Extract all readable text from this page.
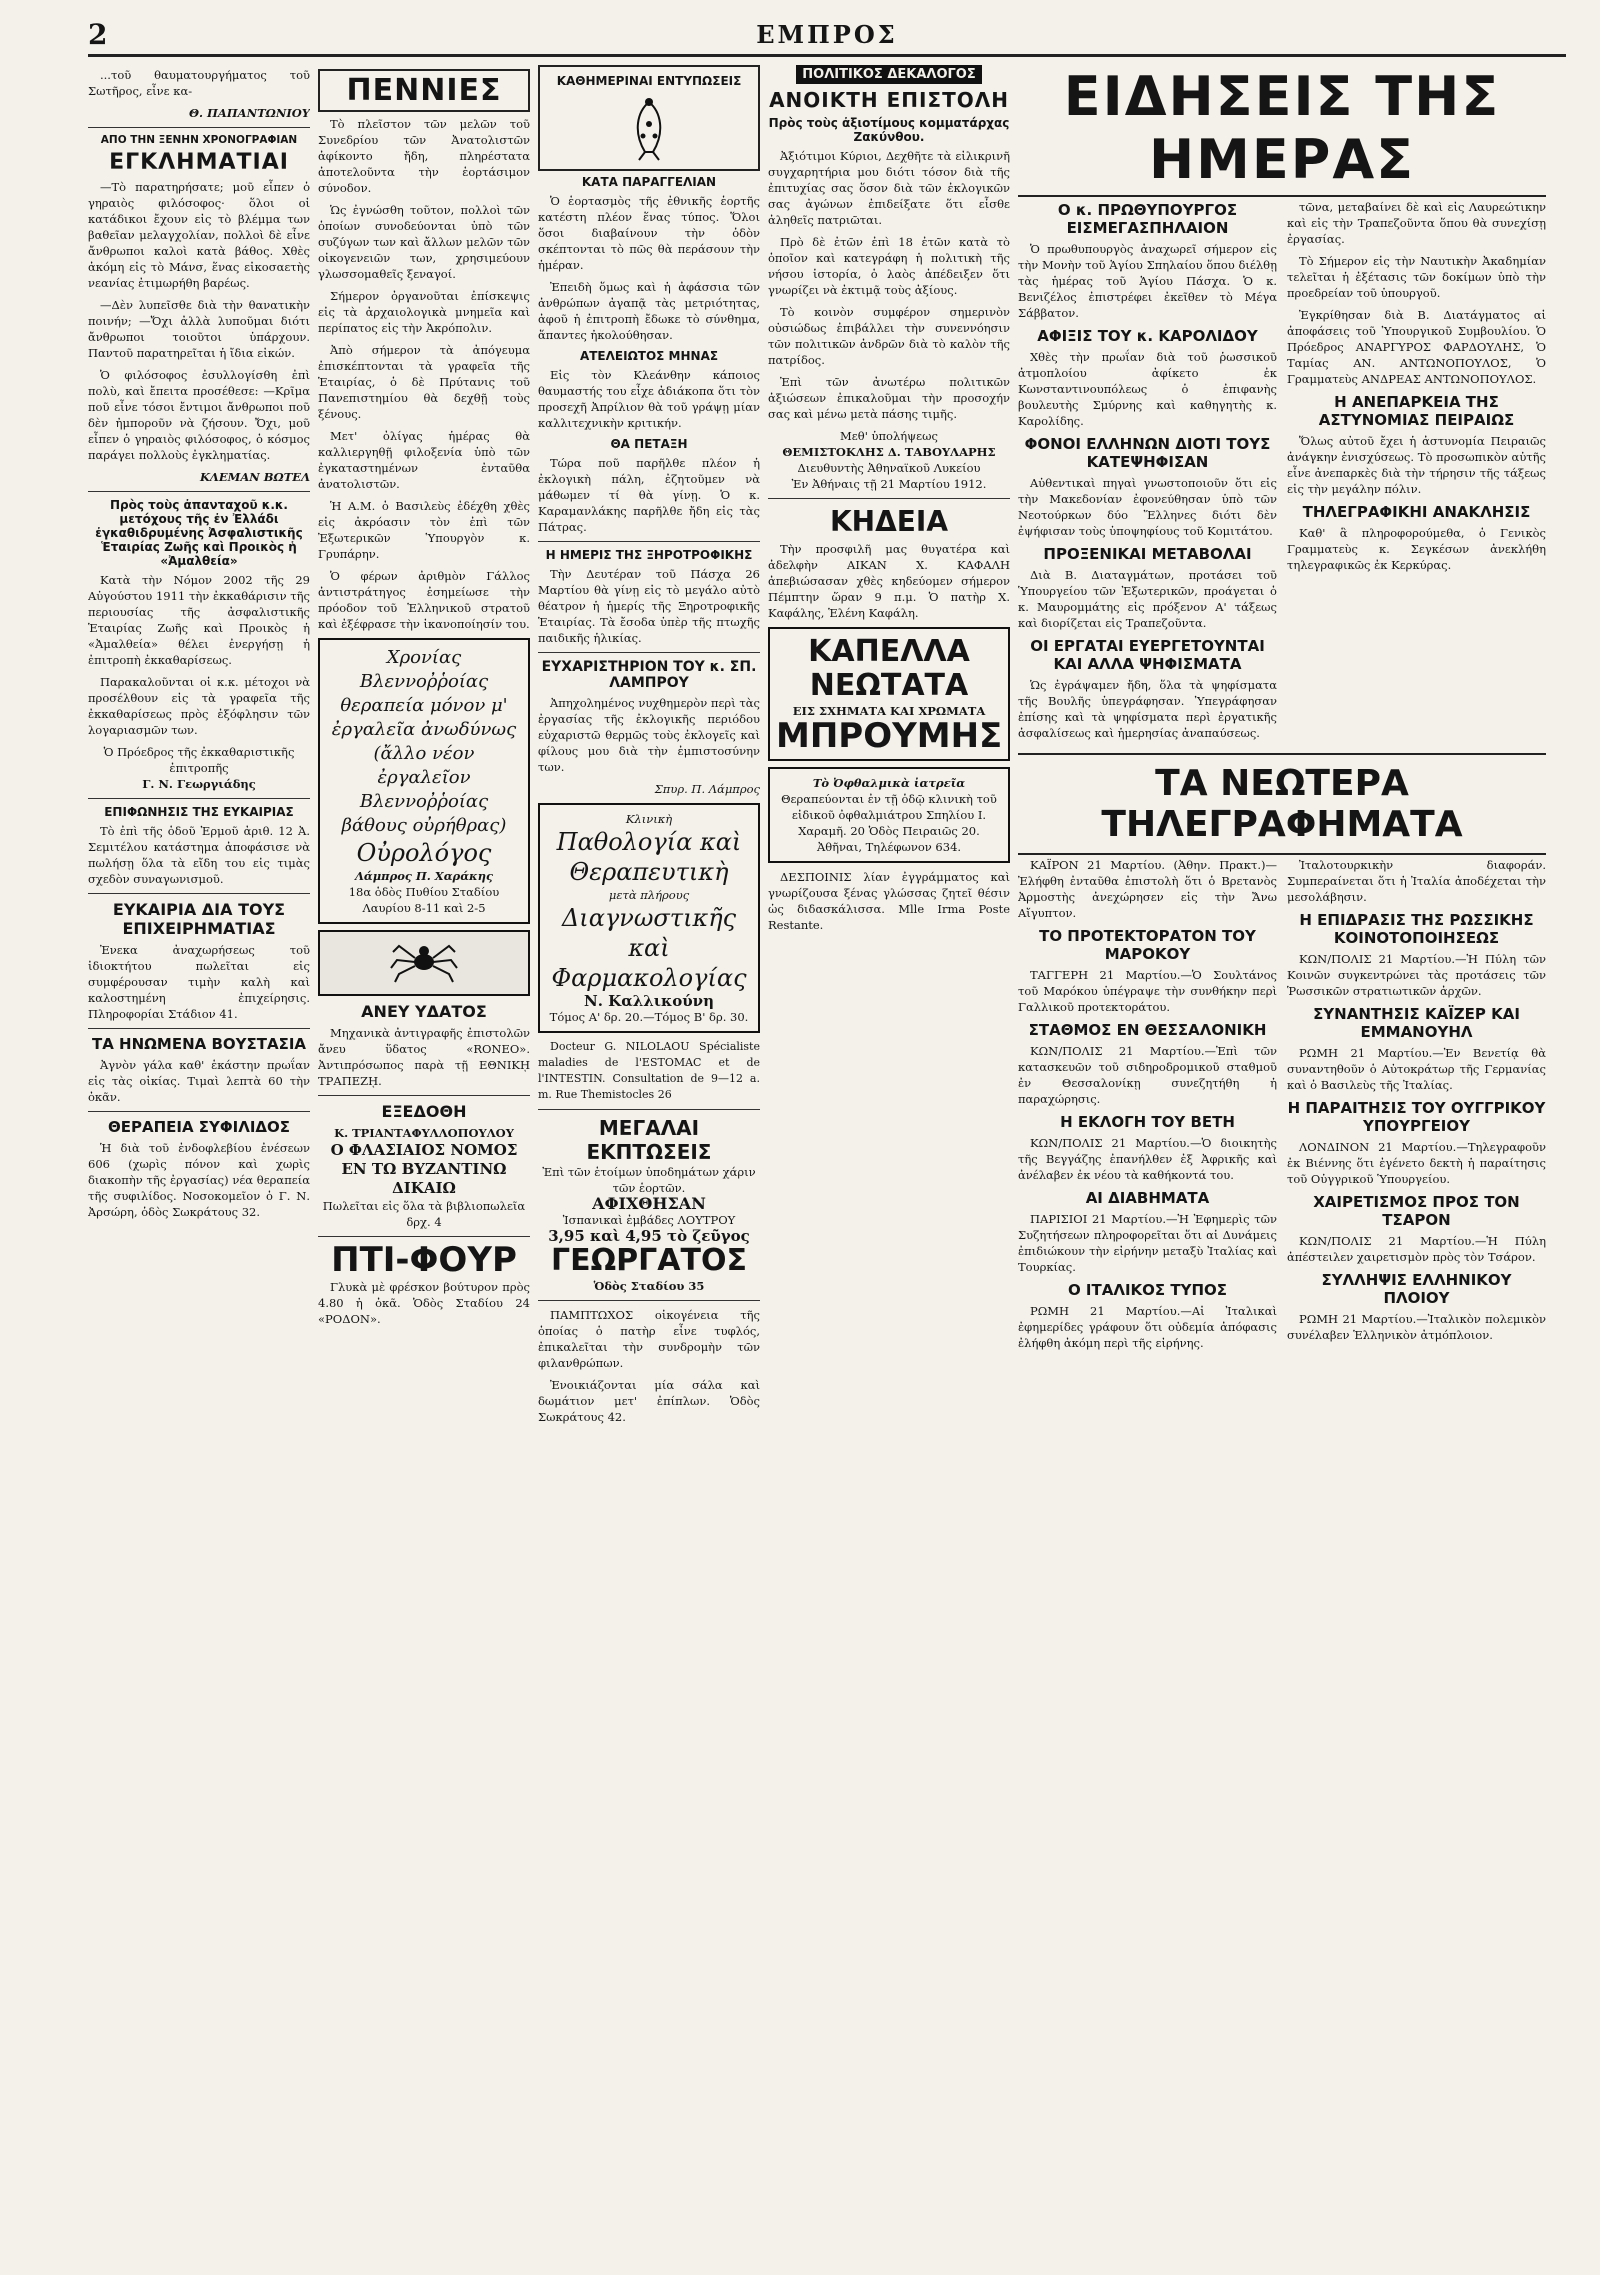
2	ΕΜΠΡΟΣ

...τοῦ θαυματουργήματος τοῦ Σωτῆρος, εἶνε κα-

Θ. ΠΑΠΑΝΤΩΝΙΟΥ

ΑΠΟ ΤΗΝ ΞΕΝΗΝ ΧΡΟΝΟΓΡΑΦΙΑΝ
ΕΓΚΛΗΜΑΤΙΑΙ

—Τὸ παρατηρήσατε; μοῦ εἶπεν ὁ γηραιὸς φιλόσοφος· ὅλοι οἱ κατάδικοι ἔχουν εἰς τὸ βλέμμα των βαθεῖαν μελαγχολίαν, πολλοὶ δὲ εἶνε ἄνθρωποι καλοὶ κατὰ βάθος. Χθὲς ἀκόμη εἰς τὸ Μάνσ, ἕνας εἰκοσαετὴς νεανίας ἐτιμωρήθη βαρέως.

—Δὲν λυπεῖσθε διὰ τὴν θανατικὴν ποινήν; —Ὄχι ἀλλὰ λυποῦμαι διότι ἄνθρωποι τοιοῦτοι ὑπάρχουν. Παντοῦ παρατηρεῖται ἡ ἴδια εἰκών.

Ὁ φιλόσοφος ἐσυλλογίσθη ἐπὶ πολὺ, καὶ ἔπειτα προσέθεσε: —Κρῖμα ποῦ εἶνε τόσοι ἔντιμοι ἄνθρωποι ποῦ δὲν ἠμποροῦν νὰ ζήσουν. Ὄχι, μοῦ εἶπεν ὁ γηραιὸς φιλόσοφος, ὁ κόσμος παράγει πολλοὺς ἐγκληματίας.

ΚΛΕΜΑΝ ΒΩΤΕΛ

Πρὸς τοὺς ἀπανταχοῦ κ.κ. μετόχους τῆς ἐν Ἐλλάδι ἐγκαθιδρυμένης Ἀσφαλιστικῆς Ἑταιρίας Ζωῆς καὶ Προικὸς ἡ «Ἀμαλθεία»

Κατὰ τὴν Νόμον 2002 τῆς 29 Αὐγούστου 1911 τὴν ἐκκαθάρισιν τῆς περιουσίας τῆς ἀσφαλιστικῆς Ἑταιρίας Ζωῆς καὶ Προικὸς ἡ «Ἀμαλθεία» θέλει ἐνεργήσῃ ἡ ἐπιτροπὴ ἐκκαθαρίσεως.

Παρακαλοῦνται οἱ κ.κ. μέτοχοι νὰ προσέλθουν εἰς τὰ γραφεῖα τῆς ἐκκαθαρίσεως πρὸς ἐξόφλησιν τῶν λογαριασμῶν των.

Ὁ Πρόεδρος τῆς ἐκκαθαριστικῆς ἐπιτροπῆς

Γ. Ν. Γεωργιάδης

ΕΠΙΦΩΝΗΣΙΣ ΤΗΣ ΕΥΚΑΙΡΙΑΣ

Τὸ ἐπὶ τῆς ὁδοῦ Ἑρμοῦ ἀριθ. 12 Ἀ. Σεμιτέλου κατάστημα ἀποφάσισε νὰ πωλήσῃ ὅλα τὰ εἴδη του εἰς τιμὰς σχεδὸν συναγωνισμοῦ.

ΕΥΚΑΙΡΙΑ ΔΙΑ ΤΟΥΣ ΕΠΙΧΕΙΡΗΜΑΤΙΑΣ

Ἐνεκα ἀναχωρήσεως τοῦ ἰδιοκτήτου πωλεῖται εἰς συμφέρουσαν τιμὴν καλὴ καὶ καλοστημένη ἐπιχείρησις. Πληροφορίαι Στάδιον 41.

ΤΑ ΗΝΩΜΕΝΑ ΒΟΥΣΤΑΣΙΑ

Ἀγνὸν γάλα καθ' ἑκάστην πρωΐαν εἰς τὰς οἰκίας. Τιμαὶ λεπτὰ 60 τὴν ὀκᾶν.

ΘΕΡΑΠΕΙΑ ΣΥΦΙΛΙΔΟΣ

Ἡ διὰ τοῦ ἐνδοφλεβίου ἐνέσεων 606 (χωρὶς πόνον καὶ χωρὶς διακοπὴν τῆς ἐργασίας) νέα θεραπεία τῆς συφιλίδος. Νοσοκομεῖον ὁ Γ. Ν. Ἀρσώρη, ὁδὸς Σωκράτους 32.

ΠΕΝΝΙΕΣ

Τὸ πλεῖστον τῶν μελῶν τοῦ Συνεδρίου τῶν Ἀνατολιστῶν ἀφίκοντο ἤδη, πληρέστατα ἀποτελοῦντα τὴν ἑορτάσιμον σύνοδον.

Ὡς ἐγνώσθη τοῦτον, πολλοὶ τῶν ὁποίων συνοδεύονται ὑπὸ τῶν συζύγων των καὶ ἄλλων μελῶν τῶν οἰκογενειῶν των, χρησιμεύουν γλωσσομαθεῖς ξεναγοί.

Σήμερον ὀργανοῦται ἐπίσκεψις εἰς τὰ ἀρχαιολογικὰ μνημεῖα καὶ περίπατος εἰς τὴν Ἀκρόπολιν.

Ἀπὸ σήμερον τὰ ἀπόγευμα ἐπισκέπτονται τὰ γραφεῖα τῆς Ἑταιρίας, ὁ δὲ Πρύτανις τοῦ Πανεπιστημίου θὰ δεχθῇ τοὺς ξένους.

Μετ' ὀλίγας ἡμέρας θὰ καλλιεργηθῇ φιλοξενία ὑπὸ τῶν ἐγκαταστημένων ἐνταῦθα ἀνατολιστῶν.

Ἡ Α.Μ. ὁ Βασιλεὺς ἐδέχθη χθὲς εἰς ἀκρόασιν τὸν ἐπὶ τῶν Ἐξωτερικῶν Ὑπουργὸν κ. Γρυπάρην.

Ὁ φέρων ἀριθμὸν Γάλλος ἀντιστράτηγος ἐσημείωσε τὴν πρόοδον τοῦ Ἑλληνικοῦ στρατοῦ καὶ ἐξέφρασε τὴν ἱκανοποίησίν του.

Χρονίας Βλεννοῤῥοίας θεραπεία μόνον μ' ἐργαλεῖα ἀνωδύνως (ἄλλο νέον ἐργαλεῖον Βλεννοῤῥοίας βάθους οὐρήθρας)

Οὐρολόγος

Λάμπρος Π. Χαράκης

18α ὁδὸς Πυθίου Σταδίου Λαυρίου 8-11 καὶ 2-5

ΑΝΕΥ ΥΔΑΤΟΣ

Μηχανικὰ ἀντιγραφῆς ἐπιστολῶν ἄνευ ὕδατος «RONEO». Ἀντιπρόσωπος παρὰ τῇ ΕΘΝΙΚῌ ΤΡΑΠΕΖῌ.

ΕΞΕΔΟΘΗ

Κ. ΤΡΙΑΝΤΑΦΥΛΛΟΠΟΥΛΟΥ

Ο ΦΛΑΣΙΑΙΟΣ ΝΟΜΟΣ ΕΝ ΤΩ ΒΥΖΑΝΤΙΝΩ ΔΙΚΑΙΩ

Πωλεῖται εἰς ὅλα τὰ βιβλιοπωλεῖα δρχ. 4

ΠΤΙ-ΦΟΥΡ

Γλυκὰ μὲ φρέσκον βούτυρον πρὸς 4.80 ἡ ὀκᾶ. Ὁδὸς Σταδίου 24 «ΡΟΔΟΝ».

ΚΑΘΗΜΕΡΙΝΑΙ ΕΝΤΥΠΩΣΕΙΣ

ΚΑΤΑ ΠΑΡΑΓΓΕΛΙΑΝ

Ὁ ἑορτασμὸς τῆς ἐθνικῆς ἑορτῆς κατέστη πλέον ἕνας τύπος. Ὅλοι ὅσοι διαβαίνουν τὴν ὁδὸν σκέπτονται τὸ πῶς θὰ περάσουν τὴν ἡμέραν.

Ἐπειδὴ ὅμως καὶ ἡ ἀφάσσια τῶν ἀνθρώπων ἀγαπᾷ τὰς μετριότητας, ἀφοῦ ἡ ἐπιτροπὴ ἔδωκε τὸ σύνθημα, ἅπαντες ἠκολούθησαν.

ΑΤΕΛΕΙΩΤΟΣ ΜΗΝΑΣ

Εἰς τὸν Κλεάνθην κάποιος θαυμαστής του εἶχε ἀδιάκοπα ὅτι τὸν προσεχῆ Ἀπρίλιον θὰ τοῦ γράψῃ μίαν καλλιτεχνικὴν κριτικήν.

ΘΑ ΠΕΤΑΞΗ

Τώρα ποῦ παρῆλθε πλέον ἡ ἐκλογικὴ πάλη, ἐζητοῦμεν νὰ μάθωμεν τί θὰ γίνῃ. Ὁ κ. Καραμανλάκης παρῆλθε ἤδη εἰς τὰς Πάτρας.

Η ΗΜΕΡΙΣ ΤΗΣ ΞΗΡΟΤΡΟΦΙΚΗΣ

Τὴν Δευτέραν τοῦ Πάσχα 26 Μαρτίου θὰ γίνῃ εἰς τὸ μεγάλο αὐτὸ θέατρον ἡ ἡμερίς τῆς Ξηροτροφικῆς Ἑταιρίας. Τὰ ἔσοδα ὑπὲρ τῆς πτωχῆς παιδικῆς ἡλικίας.

ΕΥΧΑΡΙΣΤΗΡΙΟΝ ΤΟΥ κ. ΣΠ. ΛΑΜΠΡΟΥ

Ἀπηχολημένος νυχθημερὸν περὶ τὰς ἐργασίας τῆς ἐκλογικῆς περιόδου εὐχαριστῶ θερμῶς τοὺς ἐκλογεῖς καὶ φίλους μου διὰ τὴν ἐμπιστοσύνην των.

Σπυρ. Π. Λάμπρος

Κλινικὴ

Παθολογία καὶ Θεραπευτικὴ

μετὰ πλήρους

Διαγνωστικῆς καὶ Φαρμακολογίας

Ν. Καλλικούνη

Τόμος Α' δρ. 20.—Τόμος Β' δρ. 30.

Docteur G. NILOLAOU Spécialiste maladies de l'ESTOMAC et de l'INTESTIN. Consultation de 9—12 a. m. Rue Themistocles 26

ΜΕΓΑΛΑΙ ΕΚΠΤΩΣΕΙΣ

Ἐπὶ τῶν ἑτοίμων ὑποδημάτων χάριν τῶν ἑορτῶν.

ΑΦΙΧΘΗΣΑΝ

Ἱσπανικαὶ ἐμβάδες ΛΟΥΤΡΟΥ

3,95 καὶ 4,95 τὸ ζεῦγος

ΓΕΩΡΓΑΤΟΣ

Ὁδὸς Σταδίου 35

ΠΑΜΠΤΩΧΟΣ οἰκογένεια τῆς ὁποίας ὁ πατὴρ εἶνε τυφλός, ἐπικαλεῖται τὴν συνδρομὴν τῶν φιλανθρώπων.

Ἐνοικιάζονται μία σάλα καὶ δωμάτιον μετ' ἐπίπλων. Ὁδὸς Σωκράτους 42.

ΠΟΛΙΤΙΚΟΣ ΔΕΚΑΛΟΓΟΣ
ΑΝΟΙΚΤΗ ΕΠΙΣΤΟΛΗ

Πρὸς τοὺς ἀξιοτίμους κομματάρχας Ζακύνθου.

Ἀξιότιμοι Κύριοι, Δεχθῆτε τὰ εἰλικρινῆ συγχαρητήρια μου διότι τόσον διὰ τῆς ἐπιτυχίας σας ὅσον διὰ τῶν ἐκλογικῶν σας ἀγώνων ἐπιδείξατε ὅτι εἶσθε ἀληθεῖς πατριῶται.

Πρὸ δὲ ἐτῶν ἐπὶ 18 ἐτῶν κατὰ τὸ ὁποῖον καὶ κατεγράφη ἡ πολιτικὴ τῆς νήσου ἱστορία, ὁ λαὸς ἀπέδειξεν ὅτι γνωρίζει νὰ ἐκτιμᾷ τοὺς ἀξίους.

Τὸ κοινὸν συμφέρον σημερινὸν οὐσιώδως ἐπιβάλλει τὴν συνεννόησιν τῶν πολιτικῶν ἀνδρῶν διὰ τὸ καλὸν τῆς πατρίδος.

Ἐπὶ τῶν ἀνωτέρω πολιτικῶν ἀξιώσεων ἐπικαλοῦμαι τὴν προσοχήν σας καὶ μένω μετὰ πάσης τιμῆς.

Μεθ' ὑπολήψεως

ΘΕΜΙΣΤΟΚΛΗΣ Δ. ΤΑΒΟΥΛΑΡΗΣ

Διευθυντὴς Ἀθηναϊκοῦ Λυκείου

Ἐν Ἀθήναις τῇ 21 Μαρτίου 1912.

ΚΗΔΕΙΑ

Τὴν προσφιλῆ μας θυγατέρα καὶ ἀδελφὴν ΑΙΚΑΝ Χ. ΚΑΦΑΛΗ ἀπεβιώσασαν χθὲς κηδεύομεν σήμερον Πέμπτην ὥραν 9 π.μ. Ὁ πατὴρ Χ. Καφάλης, Ἑλένη Καφάλη.

ΚΑΠΕΛΛΑ ΝΕΩΤΑΤΑ

ΕΙΣ ΣΧΗΜΑΤΑ ΚΑΙ ΧΡΩΜΑΤΑ

ΜΠΡΟΥΜΗΣ

Τὸ Ὀφθαλμικὰ ἰατρεῖα

Θεραπεύονται ἐν τῇ ὁδῷ κλινικὴ τοῦ εἰδικοῦ ὀφθαλμιάτρου Σπηλίου Ι. Χαραμῆ. 20 Ὁδὸς Πειραιῶς 20. Ἀθῆναι, Τηλέφωνον 634.

ΔΕΣΠΟΙΝΙΣ λίαν ἐγγράμματος καὶ γνωρίζουσα ξένας γλώσσας ζητεῖ θέσιν ὡς διδασκάλισσα. Mlle Irma Poste Restante.

ΕΙΔΗΣΕΙΣ ΤΗΣ ΗΜΕΡΑΣ
Ο κ. ΠΡΩΘΥΠΟΥΡΓΟΣ ΕΙΣΜΕΓΑΣΠΗΛΑΙΟΝ

Ὁ πρωθυπουργὸς ἀναχωρεῖ σήμερον εἰς τὴν Μονὴν τοῦ Ἁγίου Σπηλαίου ὅπου διέλθῃ τὰς ἡμέρας τοῦ Ἁγίου Πάσχα. Ὁ κ. Βενιζέλος ἐπιστρέφει ἐκεῖθεν τὸ Μέγα Σάββατον.

ΑΦΙΞΙΣ ΤΟΥ κ. ΚΑΡΟΛΙΔΟΥ

Χθὲς τὴν πρωΐαν διὰ τοῦ ῥωσσικοῦ ἀτμοπλοίου ἀφίκετο ἐκ Κωνσταντινουπόλεως ὁ ἐπιφανὴς βουλευτὴς Σμύρνης καὶ καθηγητὴς κ. Καρολίδης.

ΦΟΝΟΙ ΕΛΛΗΝΩΝ ΔΙΟΤΙ ΤΟΥΣ ΚΑΤΕΨΗΦΙΣΑΝ

Αὐθεντικαὶ πηγαὶ γνωστοποιοῦν ὅτι εἰς τὴν Μακεδονίαν ἐφονεύθησαν ὑπὸ τῶν Νεοτούρκων δύο Ἕλληνες διότι δὲν ἐψήφισαν τοὺς ὑποψηφίους τοῦ Κομιτάτου.

ΠΡΟΞΕΝΙΚΑΙ ΜΕΤΑΒΟΛΑΙ

Διὰ Β. Διαταγμάτων, προτάσει τοῦ Ὑπουργείου τῶν Ἐξωτερικῶν, προάγεται ὁ κ. Μαυρομμάτης εἰς πρόξενον Α' τάξεως καὶ διορίζεται εἰς Τραπεζοῦντα.

ΟΙ ΕΡΓΑΤΑΙ ΕΥΕΡΓΕΤΟΥΝΤΑΙ ΚΑΙ ΑΛΛΑ ΨΗΦΙΣΜΑΤΑ

Ὡς ἐγράψαμεν ἤδη, ὅλα τὰ ψηφίσματα τῆς Βουλῆς ὑπεγράφησαν. Ὑπεγράφησαν ἐπίσης καὶ τὰ ψηφίσματα περὶ ἐργατικῆς ἀσφαλίσεως καὶ ἡμερησίας ἀναπαύσεως.

τῶνα, μεταβαίνει δὲ καὶ εἰς Λαυρεώτικην καὶ εἰς τὴν Τραπεζοῦντα ὅπου θὰ συνεχίσῃ ἐργασίας.

Τὸ Σήμερον εἰς τὴν Ναυτικὴν Ἀκαδημίαν τελεῖται ἡ ἐξέτασις τῶν δοκίμων ὑπὸ τὴν προεδρείαν τοῦ ὑπουργοῦ.

Ἐγκρίθησαν διὰ Β. Διατάγματος αἱ ἀποφάσεις τοῦ Ὑπουργικοῦ Συμβουλίου. Ὁ Πρόεδρος ΑΝΑΡΓΥΡΟΣ ΦΑΡΔΟΥΛΗΣ, Ὁ Ταμίας ΑΝ. ΑΝΤΩΝΟΠΟΥΛΟΣ, Ὁ Γραμματεὺς ΑΝΔΡΕΑΣ ΑΝΤΩΝΟΠΟΥΛΟΣ.

Η ΑΝΕΠΑΡΚΕΙΑ ΤΗΣ ΑΣΤΥΝΟΜΙΑΣ ΠΕΙΡΑΙΩΣ

Ὅλως αὐτοῦ ἔχει ἡ ἀστυνομία Πειραιῶς ἀνάγκην ἐνισχύσεως. Τὸ προσωπικὸν αὐτῆς εἶνε ἀνεπαρκὲς διὰ τὴν τήρησιν τῆς τάξεως εἰς τὴν μεγάλην πόλιν.

ΤΗΛΕΓΡΑΦΙΚΗΙ ΑΝΑΚΛΗΣΙΣ

Καθ' ἃ πληροφορούμεθα, ὁ Γενικὸς Γραμματεὺς κ. Σεγκέσων ἀνεκλήθη τηλεγραφικῶς ἐκ Κερκύρας.

ΤΑ ΝΕΩΤΕΡΑ ΤΗΛΕΓΡΑΦΗΜΑΤΑ

ΚΑΪΡΟΝ 21 Μαρτίου. (Ἀθην. Πρακτ.)— Ἐλήφθη ἐνταῦθα ἐπιστολὴ ὅτι ὁ Βρετανὸς Ἀρμοστὴς ἀνεχώρησεν εἰς τὴν Ἄνω Αἴγυπτον.

ΤΟ ΠΡΟΤΕΚΤΟΡΑΤΟΝ ΤΟΥ ΜΑΡΟΚΟΥ

ΤΑΓΓΕΡΗ 21 Μαρτίου.—Ὁ Σουλτάνος τοῦ Μαρόκου ὑπέγραψε τὴν συνθήκην περὶ Γαλλικοῦ προτεκτοράτου.

ΣΤΑΘΜΟΣ ΕΝ ΘΕΣΣΑΛΟΝΙΚΗ

ΚΩΝ/ΠΟΛΙΣ 21 Μαρτίου.—Ἐπὶ τῶν κατασκευῶν τοῦ σιδηροδρομικοῦ σταθμοῦ ἐν Θεσσαλονίκῃ συνεζητήθη ἡ παραχώρησις.

Η ΕΚΛΟΓΗ ΤΟΥ ΒΕΤΗ

ΚΩΝ/ΠΟΛΙΣ 21 Μαρτίου.—Ὁ διοικητὴς τῆς Βεγγάζης ἐπανήλθεν ἐξ Ἀφρικῆς καὶ ἀνέλαβεν ἐκ νέου τὰ καθήκοντά του.

ΑΙ ΔΙΑΒΗΜΑΤΑ

ΠΑΡΙΣΙΟΙ 21 Μαρτίου.—Ἡ Ἐφημερὶς τῶν Συζητήσεων πληροφορεῖται ὅτι αἱ Δυνάμεις ἐπιδιώκουν τὴν εἰρήνην μεταξὺ Ἰταλίας καὶ Τουρκίας.

Ο ΙΤΑΛΙΚΟΣ ΤΥΠΟΣ

ΡΩΜΗ 21 Μαρτίου.—Αἱ Ἰταλικαὶ ἐφημερίδες γράφουν ὅτι οὐδεμία ἀπόφασις ἐλήφθη ἀκόμη περὶ τῆς εἰρήνης.

Ἰταλοτουρκικὴν διαφοράν. Συμπεραίνεται ὅτι ἡ Ἰταλία ἀποδέχεται τὴν μεσολάβησιν.

Η ΕΠΙΔΡΑΣΙΣ ΤΗΣ ΡΩΣΣΙΚΗΣ ΚΟΙΝΟΤΟΠΟΙΗΣΕΩΣ

ΚΩΝ/ΠΟΛΙΣ 21 Μαρτίου.—Ἡ Πύλη τῶν Κοινῶν συγκεντρώνει τὰς προτάσεις τῶν Ῥωσσικῶν στρατιωτικῶν ἀρχῶν.

ΣΥΝΑΝΤΗΣΙΣ ΚΑΪΖΕΡ ΚΑΙ ΕΜΜΑΝΟΥΗΛ

ΡΩΜΗ 21 Μαρτίου.—Ἐν Βενετίᾳ θὰ συναντηθοῦν ὁ Αὐτοκράτωρ τῆς Γερμανίας καὶ ὁ Βασιλεὺς τῆς Ἰταλίας.

Η ΠΑΡΑΙΤΗΣΙΣ ΤΟΥ ΟΥΓΓΡΙΚΟΥ ΥΠΟΥΡΓΕΙΟΥ

ΛΟΝΔΙΝΟΝ 21 Μαρτίου.—Τηλεγραφοῦν ἐκ Βιέννης ὅτι ἐγένετο δεκτὴ ἡ παραίτησις τοῦ Οὐγγρικοῦ Ὑπουργείου.

ΧΑΙΡΕΤΙΣΜΟΣ ΠΡΟΣ ΤΟΝ ΤΣΑΡΟΝ

ΚΩΝ/ΠΟΛΙΣ 21 Μαρτίου.—Ἡ Πύλη ἀπέστειλεν χαιρετισμὸν πρὸς τὸν Τσάρον.

ΣΥΛΛΗΨΙΣ ΕΛΛΗΝΙΚΟΥ ΠΛΟΙΟΥ

ΡΩΜΗ 21 Μαρτίου.—Ἰταλικὸν πολεμικὸν συνέλαβεν Ἑλληνικὸν ἀτμόπλοιον.
